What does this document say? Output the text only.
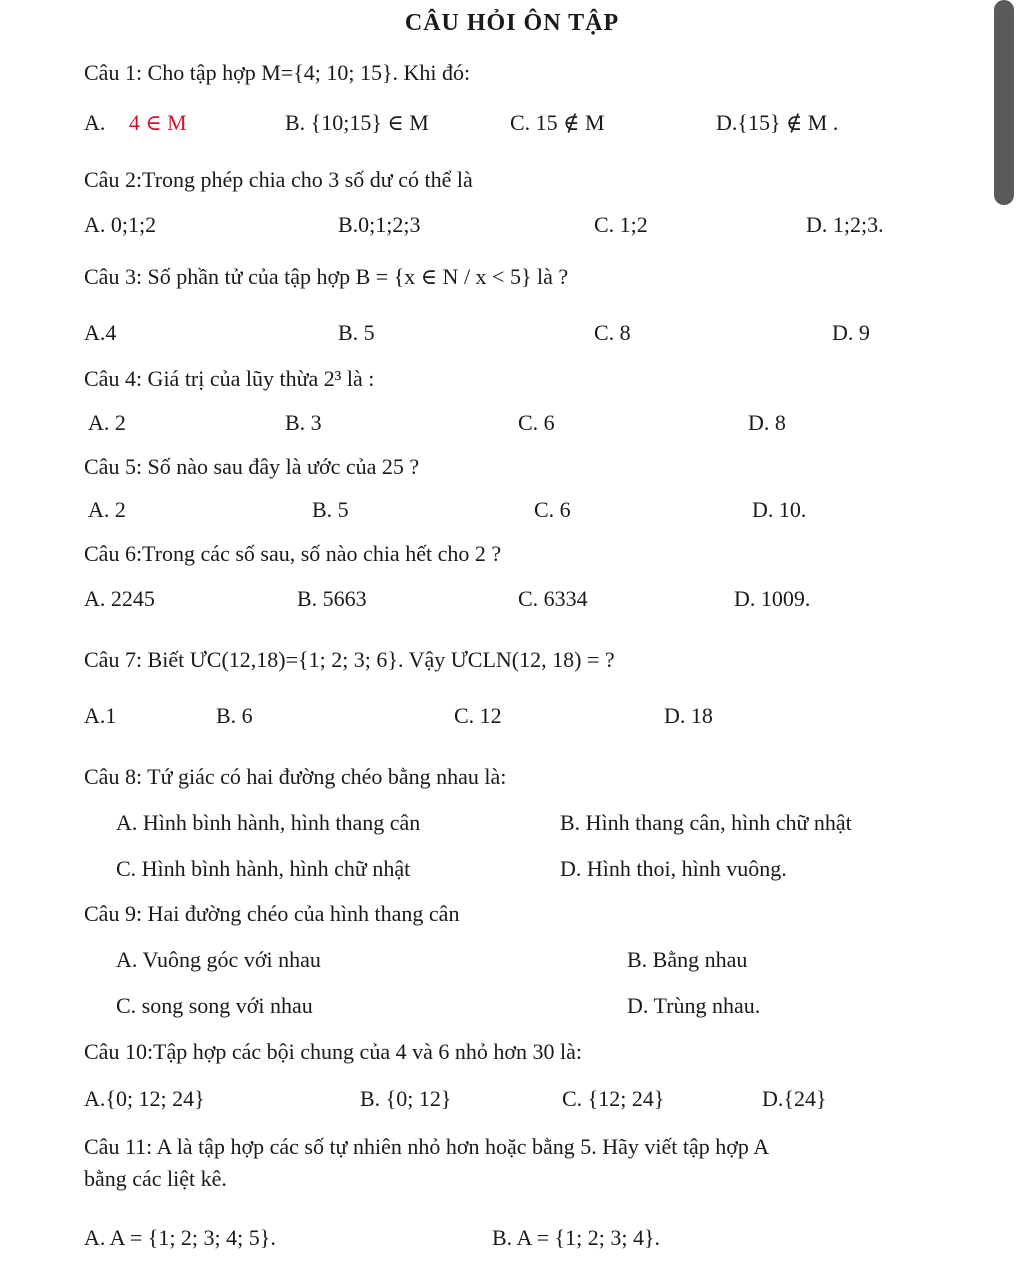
CÂU HỎI ÔN TẬP
Câu 1: Cho tập hợp M={4; 10; 15}. Khi đó:
A. 4 ∈ M	B. {10;15} ∈ M	C. 15 ∉ M	D.{15} ∉ M .
Câu 2:Trong phép chia cho 3 số dư có thể là
A. 0;1;2	B.0;1;2;3	C. 1;2	D. 1;2;3.
Câu 3: Số phần tử của tập hợp B = {x ∈ N / x < 5} là ?
A.4	B. 5	C. 8	D. 9
Câu 4: Giá trị của lũy thừa 2³ là :
A. 2	B. 3	C. 6	D. 8
Câu 5: Số nào sau đây là ước của 25 ?
A. 2	B. 5	C. 6	D. 10.
Câu 6:Trong các số sau, số nào chia hết cho 2 ?
A. 2245	B. 5663	C. 6334	D. 1009.
Câu 7: Biết ƯC(12,18)={1; 2; 3; 6}. Vậy ƯCLN(12, 18) = ?
A.1	B. 6	C. 12	D. 18
Câu 8: Tứ giác có hai đường chéo bằng nhau là:
A. Hình bình hành, hình thang cân	B. Hình thang cân, hình chữ nhật
C. Hình bình hành, hình chữ nhật	D. Hình thoi, hình vuông.
Câu 9: Hai đường chéo của hình thang cân
A. Vuông góc với nhau	B. Bằng nhau
C. song song với nhau	D. Trùng nhau.
Câu 10:Tập hợp các bội chung của 4 và 6 nhỏ hơn 30 là:
A.{0; 12; 24}	B. {0; 12}	C. {12; 24}	D.{24}
Câu 11: A là tập hợp các số tự nhiên nhỏ hơn hoặc bằng 5. Hãy viết tập hợp A
bằng các liệt kê.
A. A = {1; 2; 3; 4; 5}.	B. A = {1; 2; 3; 4}.
